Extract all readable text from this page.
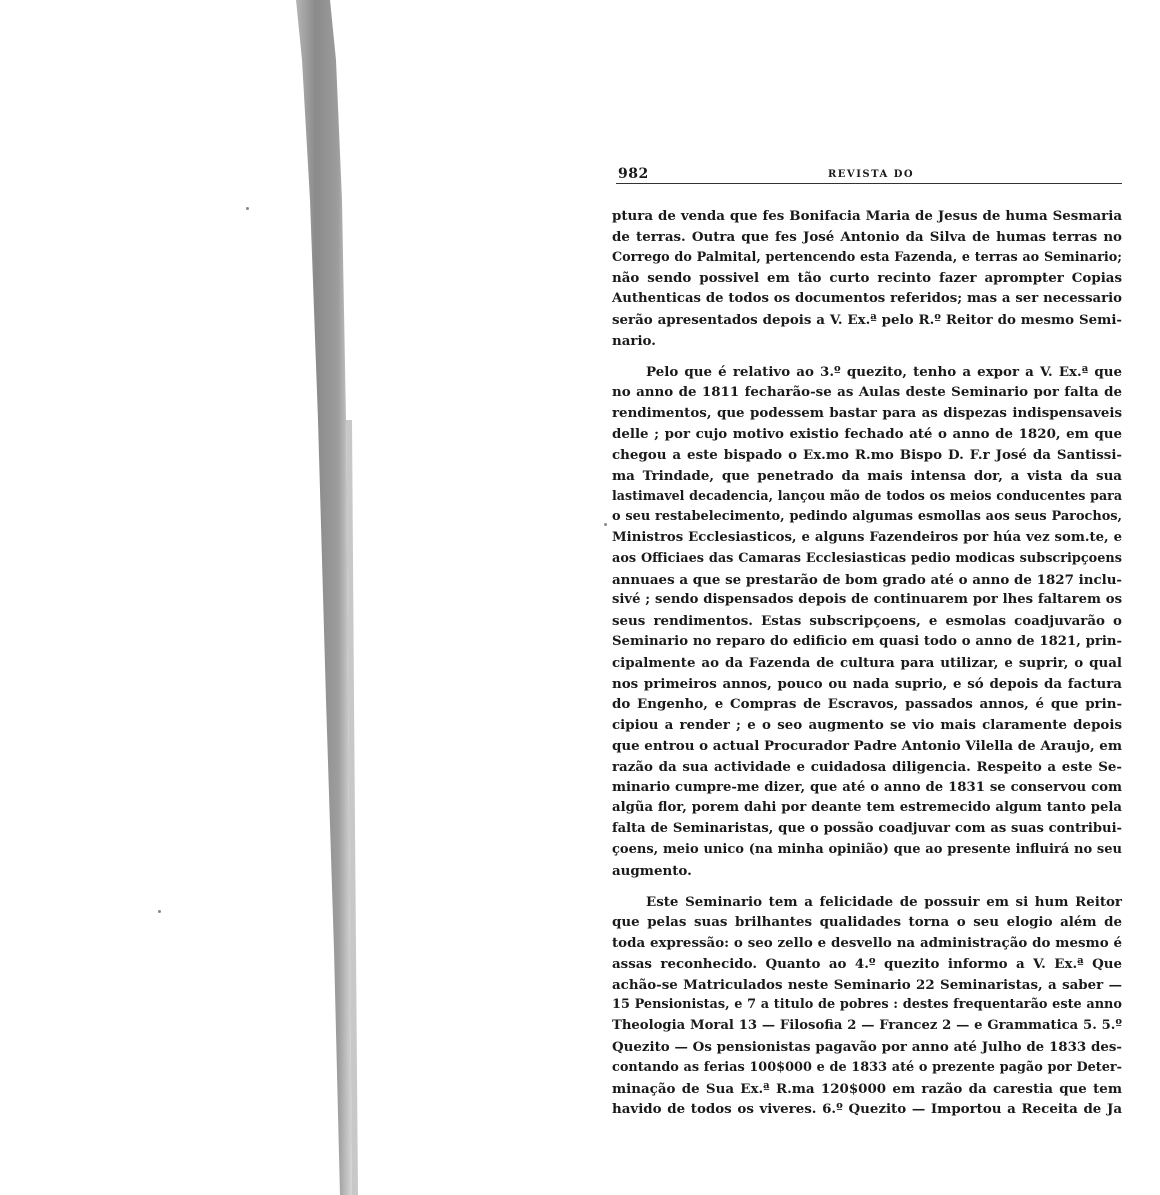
982	REVISTA DO

ptura de venda que fes Bonifacia Maria de Jesus de huma Sesmaria
de terras. Outra que fes José Antonio da Silva de humas terras no
Corrego do Palmital, pertencendo esta Fazenda, e terras ao Seminario;
não sendo possivel em tão curto recinto fazer aprompter Copias
Authenticas de todos os documentos referidos; mas a ser necessario
serão apresentados depois a V. Ex.ª pelo R.º Reitor do mesmo Semi-
nario.

Pelo que é relativo ao 3.º quezito, tenho a expor a V. Ex.ª que
no anno de 1811 fecharão-se as Aulas deste Seminario por falta de
rendimentos, que podessem bastar para as dispezas indispensaveis
delle ; por cujo motivo existio fechado até o anno de 1820, em que
chegou a este bispado o Ex.mo R.mo Bispo D. F.r José da Santissi-
ma Trindade, que penetrado da mais intensa dor, a vista da sua
lastimavel decadencia, lançou mão de todos os meios conducentes para
o seu restabelecimento, pedindo algumas esmollas aos seus Parochos,
Ministros Ecclesiasticos, e alguns Fazendeiros por húa vez som.te, e
aos Officiaes das Camaras Ecclesiasticas pedio modicas subscripçoens
annuaes a que se prestarão de bom grado até o anno de 1827 inclu-
sivé ; sendo dispensados depois de continuarem por lhes faltarem os
seus rendimentos. Estas subscripçoens, e esmolas coadjuvarão o
Seminario no reparo do edificio em quasi todo o anno de 1821, prin-
cipalmente ao da Fazenda de cultura para utilizar, e suprir, o qual
nos primeiros annos, pouco ou nada suprio, e só depois da factura
do Engenho, e Compras de Escravos, passados annos, é que prin-
cipiou a render ; e o seo augmento se vio mais claramente depois
que entrou o actual Procurador Padre Antonio Vilella de Araujo, em
razão da sua actividade e cuidadosa diligencia. Respeito a este Se-
minario cumpre-me dizer, que até o anno de 1831 se conservou com
algũa flor, porem dahi por deante tem estremecido algum tanto pela
falta de Seminaristas, que o possão coadjuvar com as suas contribui-
çoens, meio unico (na minha opinião) que ao presente influirá no seu
augmento.

Este Seminario tem a felicidade de possuir em si hum Reitor
que pelas suas brilhantes qualidades torna o seu elogio além de
toda expressão: o seo zello e desvello na administração do mesmo é
assas reconhecido. Quanto ao 4.º quezito informo a V. Ex.ª Que
achão-se Matriculados neste Seminario 22 Seminaristas, a saber —
15 Pensionistas, e 7 a titulo de pobres : destes frequentarão este anno
Theologia Moral 13 — Filosofia 2 — Francez 2 — e Grammatica 5. 5.º
Quezito — Os pensionistas pagavão por anno até Julho de 1833 des-
contando as ferias 100$000 e de 1833 até o prezente pagão por Deter-
minação de Sua Ex.ª R.ma 120$000 em razão da carestia que tem
havido de todos os viveres. 6.º Quezito — Importou a Receita de Ja
